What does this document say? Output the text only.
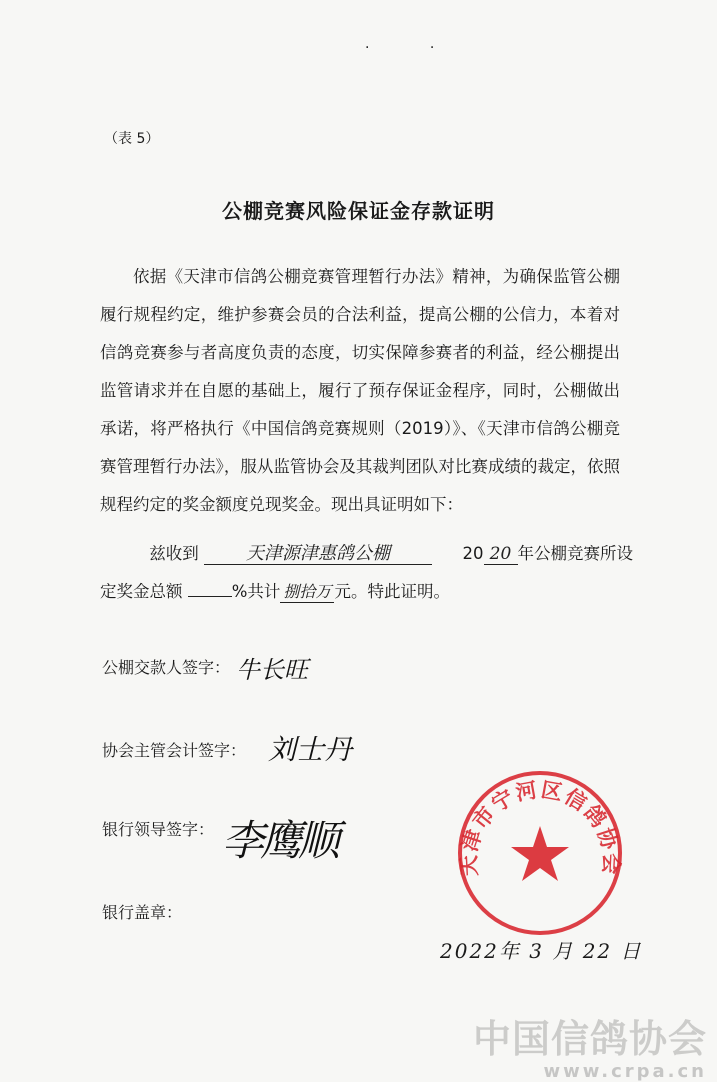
. .
（表 5）
公棚竞赛风险保证金存款证明
依据《天津市信鸽公棚竞赛管理暂行办法》精神，为确保监管公棚履行规程约定，维护参赛会员的合法利益，提高公棚的公信力，本着对信鸽竞赛参与者高度负责的态度，切实保障参赛者的利益，经公棚提出监管请求并在自愿的基础上，履行了预存保证金程序，同时，公棚做出承诺，将严格执行《中国信鸽竞赛规则（2019）》、《天津市信鸽公棚竞赛管理暂行办法》，服从监管协会及其裁判团队对比赛成绩的裁定，依照规程约定的奖金额度兑现奖金。现出具证明如下：
兹收到	天津源津惠鸽公棚	20 20 年公棚竞赛所设
定奖金总额	%共计 捌拾万 元。特此证明。
公棚交款人签字： 牛长旺
协会主管会计签字： 刘士丹
银行领导签字： 李鹰顺
银行盖章：
天津市宁河区信鸽协会
2022年 3 月 22 日
中国信鸽协会
www.crpa.cn
